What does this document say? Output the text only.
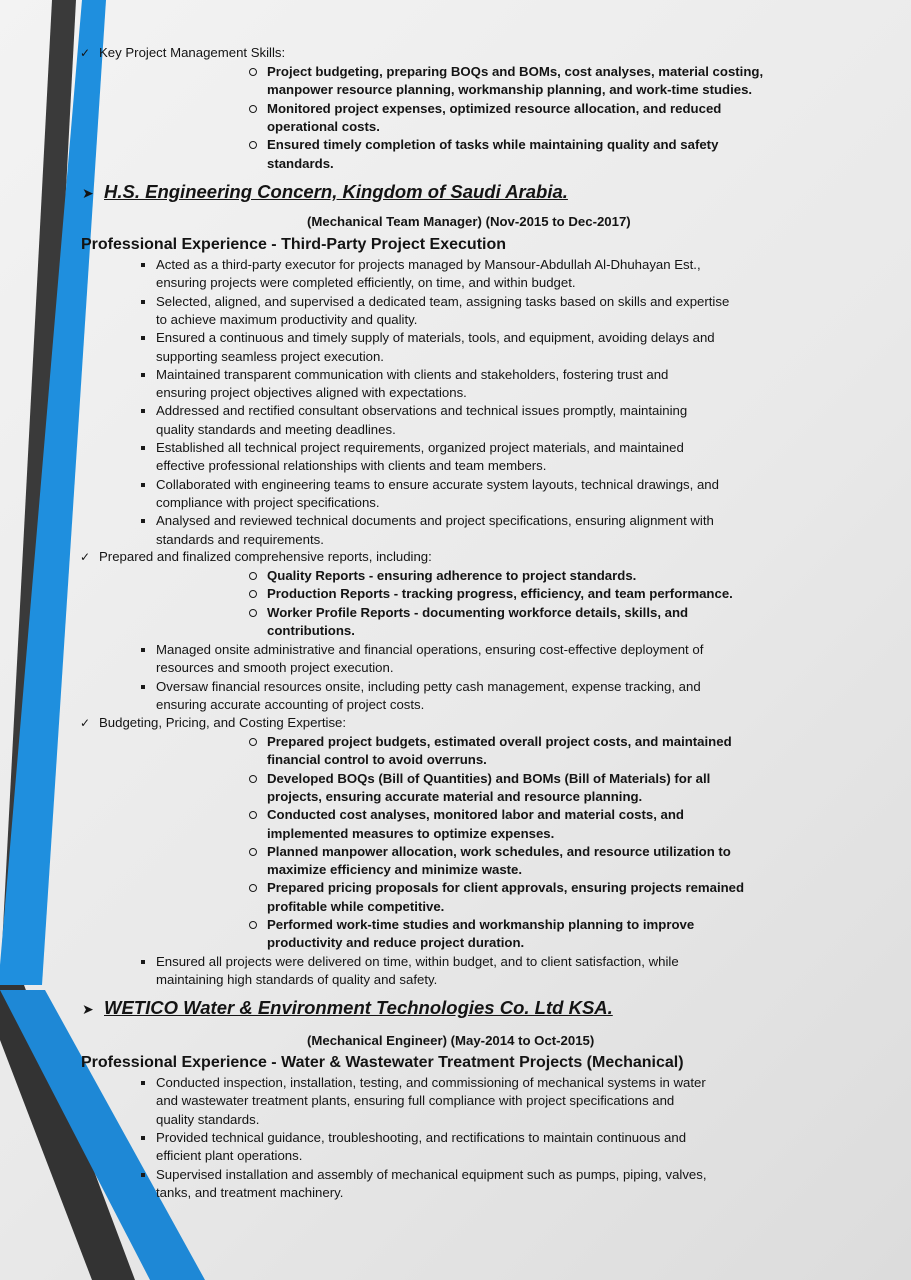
✓ Key Project Management Skills:
Project budgeting, preparing BOQs and BOMs, cost analyses, material costing,
manpower resource planning, workmanship planning, and work-time studies.
Monitored project expenses, optimized resource allocation, and reduced
operational costs.
Ensured timely completion of tasks while maintaining quality and safety
standards.
➤ H.S. Engineering Concern, Kingdom of Saudi Arabia.
(Mechanical Team Manager) (Nov-2015 to Dec-2017)
Professional Experience - Third-Party Project Execution
Acted as a third-party executor for projects managed by Mansour-Abdullah Al-Dhuhayan Est.,
ensuring projects were completed efficiently, on time, and within budget.
Selected, aligned, and supervised a dedicated team, assigning tasks based on skills and expertise
to achieve maximum productivity and quality.
Ensured a continuous and timely supply of materials, tools, and equipment, avoiding delays and
supporting seamless project execution.
Maintained transparent communication with clients and stakeholders, fostering trust and
ensuring project objectives aligned with expectations.
Addressed and rectified consultant observations and technical issues promptly, maintaining
quality standards and meeting deadlines.
Established all technical project requirements, organized project materials, and maintained
effective professional relationships with clients and team members.
Collaborated with engineering teams to ensure accurate system layouts, technical drawings, and
compliance with project specifications.
Analysed and reviewed technical documents and project specifications, ensuring alignment with
standards and requirements.
✓ Prepared and finalized comprehensive reports, including:
Quality Reports - ensuring adherence to project standards.
Production Reports - tracking progress, efficiency, and team performance.
Worker Profile Reports - documenting workforce details, skills, and
contributions.
Managed onsite administrative and financial operations, ensuring cost-effective deployment of
resources and smooth project execution.
Oversaw financial resources onsite, including petty cash management, expense tracking, and
ensuring accurate accounting of project costs.
✓ Budgeting, Pricing, and Costing Expertise:
Prepared project budgets, estimated overall project costs, and maintained
financial control to avoid overruns.
Developed BOQs (Bill of Quantities) and BOMs (Bill of Materials) for all
projects, ensuring accurate material and resource planning.
Conducted cost analyses, monitored labor and material costs, and
implemented measures to optimize expenses.
Planned manpower allocation, work schedules, and resource utilization to
maximize efficiency and minimize waste.
Prepared pricing proposals for client approvals, ensuring projects remained
profitable while competitive.
Performed work-time studies and workmanship planning to improve
productivity and reduce project duration.
Ensured all projects were delivered on time, within budget, and to client satisfaction, while
maintaining high standards of quality and safety.
➤ WETICO Water & Environment Technologies Co. Ltd KSA.
(Mechanical Engineer) (May-2014 to Oct-2015)
Professional Experience - Water & Wastewater Treatment Projects (Mechanical)
Conducted inspection, installation, testing, and commissioning of mechanical systems in water
and wastewater treatment plants, ensuring full compliance with project specifications and
quality standards.
Provided technical guidance, troubleshooting, and rectifications to maintain continuous and
efficient plant operations.
Supervised installation and assembly of mechanical equipment such as pumps, piping, valves,
tanks, and treatment machinery.
